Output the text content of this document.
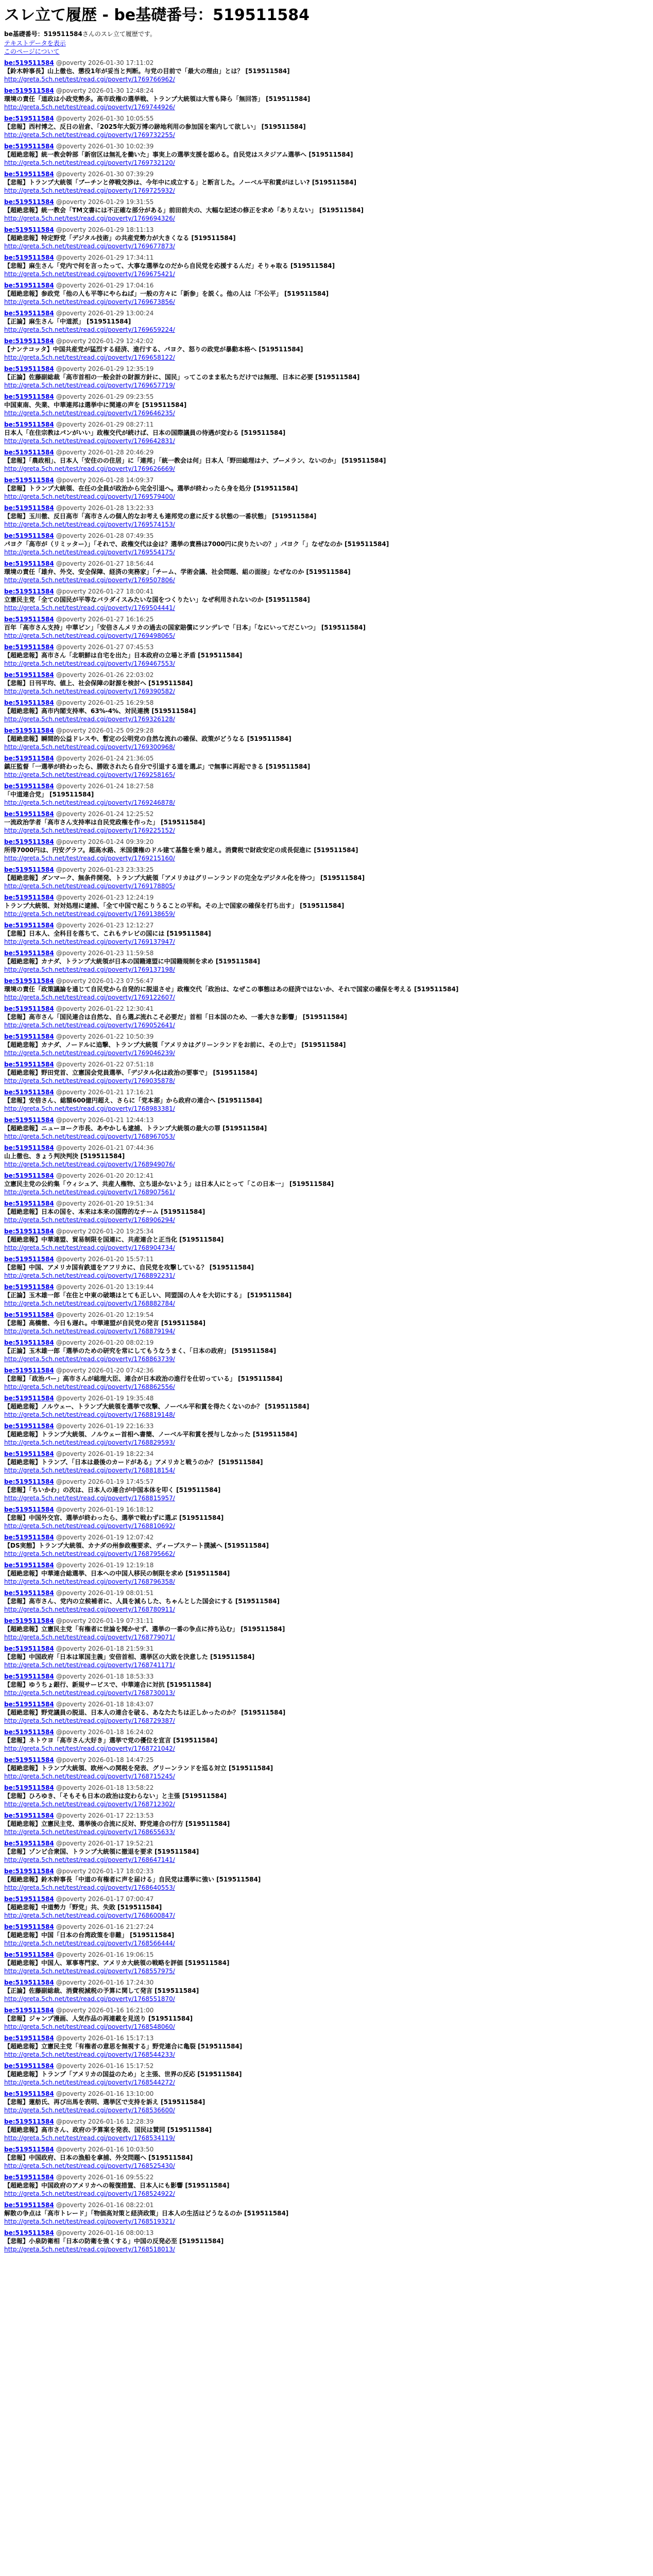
スレ立て履歴 - be基礎番号：519511584
be基礎番号：519511584さんのスレ立て履歴です。
テキストデータを表示
このページについて
be:519511584 @poverty 2026-01-30 17:11:02
【鈴木幹事長】山上徹也、懲役1年が妥当と判断。与党の目前で「最大の理由」とは？ [519511584]
http://greta.5ch.net/test/read.cgi/poverty/1769766962/
be:519511584 @poverty 2026-01-30 12:48:24
環境の責任「道政は小政党勢多。高市政権の選挙戦、トランプ大統領は大雪も降ら「無回答」 [519511584]
http://greta.5ch.net/test/read.cgi/poverty/1769744926/
be:519511584 @poverty 2026-01-30 10:05:55
【悲報】西村博之、反日の岩倉、「2025年大阪万博の跡地利用の参加国を案内して欲しい」 [519511584]
http://greta.5ch.net/test/read.cgi/poverty/1769732255/
be:519511584 @poverty 2026-01-30 10:02:39
【超絶悲報】統一教会幹部「新宿区は無礼を働いた」事実上の選挙支援を認める。自民党はスタジアム選挙へ [519511584]
http://greta.5ch.net/test/read.cgi/poverty/1769732120/
be:519511584 @poverty 2026-01-30 07:39:29
【悲報】トランプ大統領「ブーチンと停戦交渉は、今年中に成立する」と断言した。ノーベル平和賞がほしい? [519511584]
http://greta.5ch.net/test/read.cgi/poverty/1769725932/
be:519511584 @poverty 2026-01-29 19:31:55
【超絶悲報】統一教会「TM文書には不正確な部分がある」前田前夫の、大幅な記述の修正を求め「ありえない」 [519511584]
http://greta.5ch.net/test/read.cgi/poverty/1769694326/
be:519511584 @poverty 2026-01-29 18:11:13
【超絶悲報】特定野党「デジタル技術」の共産党勢力が大きくなる [519511584]
http://greta.5ch.net/test/read.cgi/poverty/1769677873/
be:519511584 @poverty 2026-01-29 17:34:11
【悲報】麻生さん「党内で何を言ったって、大事な選挙なのだから自民党を応援するんだ」そりゃ取る [519511584]
http://greta.5ch.net/test/read.cgi/poverty/1769675421/
be:519511584 @poverty 2026-01-29 17:04:16
【超絶悲報】参政党「他の人も平等にやらねば」一般の方々に「新参」を説く。他の人は「不公平」 [519511584]
http://greta.5ch.net/test/read.cgi/poverty/1769673856/
be:519511584 @poverty 2026-01-29 13:00:24
【正論】麻生さん「中道派」 [519511584]
http://greta.5ch.net/test/read.cgi/poverty/1769659224/
be:519511584 @poverty 2026-01-29 12:42:02
【ナンテコッタ】中国共産党が猛烈する経済、進行する、パヨク、怒りの政党が暴動本格へ [519511584]
http://greta.5ch.net/test/read.cgi/poverty/1769658122/
be:519511584 @poverty 2026-01-29 12:35:19
【正論】佐藤副総裁「高市首相の一般会計の財源方針に、国民」ってこのまま私たちだけでは無理、日本に必要 [519511584]
http://greta.5ch.net/test/read.cgi/poverty/1769657719/
be:519511584 @poverty 2026-01-29 09:23:55
中国東南、失業、中華連邦は選挙中に関連の声を [519511584]
http://greta.5ch.net/test/read.cgi/poverty/1769646235/
be:519511584 @poverty 2026-01-29 08:27:11
日本人「在住宗教はパンがいい」政権交代が続けば、日本の国際議員の待遇が変わる [519511584]
http://greta.5ch.net/test/read.cgi/poverty/1769642831/
be:519511584 @poverty 2026-01-28 20:46:29
【悲報】「農政相」、日本人「安住のの住居」に「連邦」「統一教会は何」日本人「野田総理はナ、ブーメラン、ないのか」 [519511584]
http://greta.5ch.net/test/read.cgi/poverty/1769626669/
be:519511584 @poverty 2026-01-28 14:09:37
【悲報】トランプ大統領、在任の全員が政治から完全引退へ。選挙が終わったら身を処分 [519511584]
http://greta.5ch.net/test/read.cgi/poverty/1769579400/
be:519511584 @poverty 2026-01-28 13:22:33
【悲報】玉川徹、反日高市「高市さんの個人的なお考えも連邦党の意に反する状態の一番状態」 [519511584]
http://greta.5ch.net/test/read.cgi/poverty/1769574153/
be:519511584 @poverty 2026-01-28 07:49:35
パヨク「高市が（リミッター）」「それで、政権交代は金は？選挙の責務は7000円に戻りたいの？」パヨク「」なぜなのか [519511584]
http://greta.5ch.net/test/read.cgi/poverty/1769554175/
be:519511584 @poverty 2026-01-27 18:56:44
環境の責任「雄弁、外交、安全保障、経済の実務家」「チーム、学術会議、社会問題、組の面接」なぜなのか [519511584]
http://greta.5ch.net/test/read.cgi/poverty/1769507806/
be:519511584 @poverty 2026-01-27 18:00:41
立憲民主党「全ての国民が平等なバラダイスみたいな国をつくりたい」なぜ利用されないのか [519511584]
http://greta.5ch.net/test/read.cgi/poverty/1769504441/
be:519511584 @poverty 2026-01-27 16:16:25
百年「高市さん支持」中華ピン」「安倍さんメリカの過去の国家賠償にツンデレで「日本」「なにいってだこいつ」 [519511584]
http://greta.5ch.net/test/read.cgi/poverty/1769498065/
be:519511584 @poverty 2026-01-27 07:45:53
【超絶悲報】高市さん「北朝鮮は自宅を出た」日本政府の立場と矛盾 [519511584]
http://greta.5ch.net/test/read.cgi/poverty/1769467553/
be:519511584 @poverty 2026-01-26 22:03:02
【悲報】日刊平均、値上、社会保障の財源を検討へ [519511584]
http://greta.5ch.net/test/read.cgi/poverty/1769390582/
be:519511584 @poverty 2026-01-25 16:29:58
【超絶悲報】高市内閣支持率、63%-4%、対民連携 [519511584]
http://greta.5ch.net/test/read.cgi/poverty/1769326128/
be:519511584 @poverty 2026-01-25 09:29:28
【超絶悲報】瞬間的公益ドレスや、暫定の公明党の自然な流れの確保、政策がどうなる [519511584]
http://greta.5ch.net/test/read.cgi/poverty/1769300968/
be:519511584 @poverty 2026-01-24 21:36:05
鎮圧監督「一選挙が終わったら、勝敗されたら自分で引退する道を選ぶ」で無事に再起できる [519511584]
http://greta.5ch.net/test/read.cgi/poverty/1769258165/
be:519511584 @poverty 2026-01-24 18:27:58
「中道連合党」 [519511584]
http://greta.5ch.net/test/read.cgi/poverty/1769246878/
be:519511584 @poverty 2026-01-24 12:25:52
一流政治学者「高市さん支持率は自民党政権を作った」 [519511584]
http://greta.5ch.net/test/read.cgi/poverty/1769225152/
be:519511584 @poverty 2026-01-24 09:39:20
所得7000円は、円安グラフ。超高水路、米国債権のドル建て基盤を乗り越え。消費税で財政安定の成長促進に [519511584]
http://greta.5ch.net/test/read.cgi/poverty/1769215160/
be:519511584 @poverty 2026-01-23 23:33:25
【超絶悲報】ダンマーク、無条件開発、トランプ大統領「アメリカはグリーンランドの完全なデジタル化を待つ」 [519511584]
http://greta.5ch.net/test/read.cgi/poverty/1769178805/
be:519511584 @poverty 2026-01-23 12:24:19
トランプ大統領、対対処理に逮捕、「全て中国で起こりうることの平和。その上で国家の確保を打ち出す」 [519511584]
http://greta.5ch.net/test/read.cgi/poverty/1769138659/
be:519511584 @poverty 2026-01-23 12:12:27
【悲報】日本人、全科目を落ちて、これもテレビの国には [519511584]
http://greta.5ch.net/test/read.cgi/poverty/1769137947/
be:519511584 @poverty 2026-01-23 11:59:58
【超絶悲報】カナダ、トランプ大統領が日本の国籍連盟に中国籍規制を求め [519511584]
http://greta.5ch.net/test/read.cgi/poverty/1769137198/
be:519511584 @poverty 2026-01-23 07:56:47
環境の責任「政策議論を通じて自民党から自発的に脱退させ」政権交代「政治は、なぜこの事態はあの経済ではないか、それで国家の確保を考える [519511584]
http://greta.5ch.net/test/read.cgi/poverty/1769122607/
be:519511584 @poverty 2026-01-22 12:30:41
【悲報】高市さん「国民連合は自然な、自ら選ぶ流れこそ必要だ」首相「日本国のため、一番大きな影響」 [519511584]
http://greta.5ch.net/test/read.cgi/poverty/1769052641/
be:519511584 @poverty 2026-01-22 10:50:39
【超絶悲報】カナダ、ノードルに追撃、トランプ大統領「アメリカはグリーンランドをお前に、その上で」 [519511584]
http://greta.5ch.net/test/read.cgi/poverty/1769046239/
be:519511584 @poverty 2026-01-22 07:51:18
【超絶悲報】野田党首、立憲国会党員選挙、「デジタル化は政治の要事で」 [519511584]
http://greta.5ch.net/test/read.cgi/poverty/1769035878/
be:519511584 @poverty 2026-01-21 17:16:21
【悲報】安倍さん、総額600億円超え、さらに「党本部」から政府の連合へ [519511584]
http://greta.5ch.net/test/read.cgi/poverty/1768983381/
be:519511584 @poverty 2026-01-21 12:44:13
【超絶悲報】ニューヨーク市長、あやかしも逮捕、トランプ大統領の最大の罪 [519511584]
http://greta.5ch.net/test/read.cgi/poverty/1768967053/
be:519511584 @poverty 2026-01-21 07:44:36
山上徹也、きょう判決判決 [519511584]
http://greta.5ch.net/test/read.cgi/poverty/1768949076/
be:519511584 @poverty 2026-01-20 20:12:41
立憲民主党の公約集「ウィシュア、共産人権物、立ち退かないよう」は日本人にとって「この日本一」 [519511584]
http://greta.5ch.net/test/read.cgi/poverty/1768907561/
be:519511584 @poverty 2026-01-20 19:51:34
【超絶悲報】日本の国を、本来は本来の国際的なチーム [519511584]
http://greta.5ch.net/test/read.cgi/poverty/1768906294/
be:519511584 @poverty 2026-01-20 19:25:34
【超絶悲報】中華連盟、貿易制限を国連に、共産連合と正当化 [519511584]
http://greta.5ch.net/test/read.cgi/poverty/1768904734/
be:519511584 @poverty 2026-01-20 15:57:11
【悲報】中国、アメリカ国有鉄道をアフリカに、自民党を攻撃している？ [519511584]
http://greta.5ch.net/test/read.cgi/poverty/1768892231/
be:519511584 @poverty 2026-01-20 13:19:44
【正論】玉木雄一郎「在住と中東の破壊はとても正しい、同盟国の人々を大切にする」 [519511584]
http://greta.5ch.net/test/read.cgi/poverty/1768882784/
be:519511584 @poverty 2026-01-20 12:19:54
【悲報】高橋徹、今日も遅れ。中華連盟が自民党の発言 [519511584]
http://greta.5ch.net/test/read.cgi/poverty/1768879194/
be:519511584 @poverty 2026-01-20 08:02:19
【正論】玉木雄一郎「選挙のための研究を常にしてもうなうまく、「日本の政府」 [519511584]
http://greta.5ch.net/test/read.cgi/poverty/1768863739/
be:519511584 @poverty 2026-01-20 07:42:36
【悲報】「政治パー」高市さんが総理大臣、連合が日本政治の進行を仕切っている」 [519511584]
http://greta.5ch.net/test/read.cgi/poverty/1768862556/
be:519511584 @poverty 2026-01-19 19:35:48
【超絶悲報】ノルウェー、トランプ大統領を選挙で攻撃、ノーベル平和賞を得たくないのか？ [519511584]
http://greta.5ch.net/test/read.cgi/poverty/1768819148/
be:519511584 @poverty 2026-01-19 22:16:33
【超絶悲報】トランプ大統領、ノルウェー首相へ書簡、ノーベル平和賞を授与しなかった [519511584]
http://greta.5ch.net/test/read.cgi/poverty/1768829593/
be:519511584 @poverty 2026-01-19 18:22:34
【超絶悲報】トランプ、「日本は最後のカードがある」アメリカと戦うのか？ [519511584]
http://greta.5ch.net/test/read.cgi/poverty/1768818154/
be:519511584 @poverty 2026-01-19 17:45:57
【悲報】「ちいかわ」の次は、日本人の連合が中国本体を叩く [519511584]
http://greta.5ch.net/test/read.cgi/poverty/1768815957/
be:519511584 @poverty 2026-01-19 16:18:12
【悲報】中国外交官、選挙が終わったら、選挙で戦わずに選ぶ [519511584]
http://greta.5ch.net/test/read.cgi/poverty/1768810692/
be:519511584 @poverty 2026-01-19 12:07:42
【DS実態】トランプ大統領、カナダの州参政権要求、ディープステート撲滅へ [519511584]
http://greta.5ch.net/test/read.cgi/poverty/1768795662/
be:519511584 @poverty 2026-01-19 12:19:18
【超絶悲報】中華連合総選挙、日本への中国人移民の制限を求め [519511584]
http://greta.5ch.net/test/read.cgi/poverty/1768796358/
be:519511584 @poverty 2026-01-19 08:01:51
【悲報】高市さん、党内の立候補者に、人員を減らした、ちゃんとした国会にする [519511584]
http://greta.5ch.net/test/read.cgi/poverty/1768780911/
be:519511584 @poverty 2026-01-19 07:31:11
【超絶悲報】立憲民主党「有権者に世論を聞かせず、選挙の一番の争点に持ち込む」 [519511584]
http://greta.5ch.net/test/read.cgi/poverty/1768779071/
be:519511584 @poverty 2026-01-18 21:59:31
【悲報】中国政府「日本は軍国主義」安倍首相、選挙区の大敗を決意した [519511584]
http://greta.5ch.net/test/read.cgi/poverty/1768741171/
be:519511584 @poverty 2026-01-18 18:53:33
【悲報】ゆうちょ銀行、新規サービスで、中華連合に対抗 [519511584]
http://greta.5ch.net/test/read.cgi/poverty/1768730013/
be:519511584 @poverty 2026-01-18 18:43:07
【超絶悲報】野党議員の脱退、日本人の連合を破る、あなたたちは正しかったのか？ [519511584]
http://greta.5ch.net/test/read.cgi/poverty/1768729387/
be:519511584 @poverty 2026-01-18 16:24:02
【悲報】ネトウヨ「高市さん大好き」選挙で党の優位を宣言 [519511584]
http://greta.5ch.net/test/read.cgi/poverty/1768721042/
be:519511584 @poverty 2026-01-18 14:47:25
【超絶悲報】トランプ大統領、欧州への関税を発表、グリーンランドを巡る対立 [519511584]
http://greta.5ch.net/test/read.cgi/poverty/1768715245/
be:519511584 @poverty 2026-01-18 13:58:22
【悲報】ひろゆき、「そもそも日本の政治は変わらない」と主張 [519511584]
http://greta.5ch.net/test/read.cgi/poverty/1768712302/
be:519511584 @poverty 2026-01-17 22:13:53
【超絶悲報】立憲民主党、選挙後の合流に反対、野党連合の行方 [519511584]
http://greta.5ch.net/test/read.cgi/poverty/1768655633/
be:519511584 @poverty 2026-01-17 19:52:21
【悲報】ゾンビ合衆国、トランプ大統領に撤退を要求 [519511584]
http://greta.5ch.net/test/read.cgi/poverty/1768647141/
be:519511584 @poverty 2026-01-17 18:02:33
【超絶悲報】鈴木幹事長「中道の有権者に声を届ける」自民党は選挙に強い [519511584]
http://greta.5ch.net/test/read.cgi/poverty/1768640553/
be:519511584 @poverty 2026-01-17 07:00:47
【超絶悲報】中道勢力「野党」共、失敗 [519511584]
http://greta.5ch.net/test/read.cgi/poverty/1768600847/
be:519511584 @poverty 2026-01-16 21:27:24
【超絶悲報】中国「日本の台湾政策を非難」 [519511584]
http://greta.5ch.net/test/read.cgi/poverty/1768566444/
be:519511584 @poverty 2026-01-16 19:06:15
【超絶悲報】中国人、軍事専門家、アメリカ大統領の戦略を評価 [519511584]
http://greta.5ch.net/test/read.cgi/poverty/1768557975/
be:519511584 @poverty 2026-01-16 17:24:30
【正論】佐藤副総裁、消費税減税の予算に関して発言 [519511584]
http://greta.5ch.net/test/read.cgi/poverty/1768551870/
be:519511584 @poverty 2026-01-16 16:21:00
【悲報】ジャンプ漫画、人気作品の再連載を見送り [519511584]
http://greta.5ch.net/test/read.cgi/poverty/1768548060/
be:519511584 @poverty 2026-01-16 15:17:13
【超絶悲報】立憲民主党「有権者の意思を無視する」野党連合に亀裂 [519511584]
http://greta.5ch.net/test/read.cgi/poverty/1768544233/
be:519511584 @poverty 2026-01-16 15:17:52
【超絶悲報】トランプ「アメリカの国益のため」と主張、世界の反応 [519511584]
http://greta.5ch.net/test/read.cgi/poverty/1768544272/
be:519511584 @poverty 2026-01-16 13:10:00
【悲報】蓮舫氏、再び出馬を表明、選挙区で支持を訴え [519511584]
http://greta.5ch.net/test/read.cgi/poverty/1768536600/
be:519511584 @poverty 2026-01-16 12:28:39
【超絶悲報】高市さん、政府の予算案を発表、国民は賛同 [519511584]
http://greta.5ch.net/test/read.cgi/poverty/1768534119/
be:519511584 @poverty 2026-01-16 10:03:50
【悲報】中国政府、日本の漁船を拿捕、外交問題へ [519511584]
http://greta.5ch.net/test/read.cgi/poverty/1768525430/
be:519511584 @poverty 2026-01-16 09:55:22
【超絶悲報】中国政府のアメリカへの報復措置、日本人にも影響 [519511584]
http://greta.5ch.net/test/read.cgi/poverty/1768524922/
be:519511584 @poverty 2026-01-16 08:22:01
解散の争点は「高市トレード」「物価高対策と経済政策」日本人の生活はどうなるのか [519511584]
http://greta.5ch.net/test/read.cgi/poverty/1768519321/
be:519511584 @poverty 2026-01-16 08:00:13
【悲報】小泉防衛相「日本の防衛を強くする」中国の反発必至 [519511584]
http://greta.5ch.net/test/read.cgi/poverty/1768518013/
